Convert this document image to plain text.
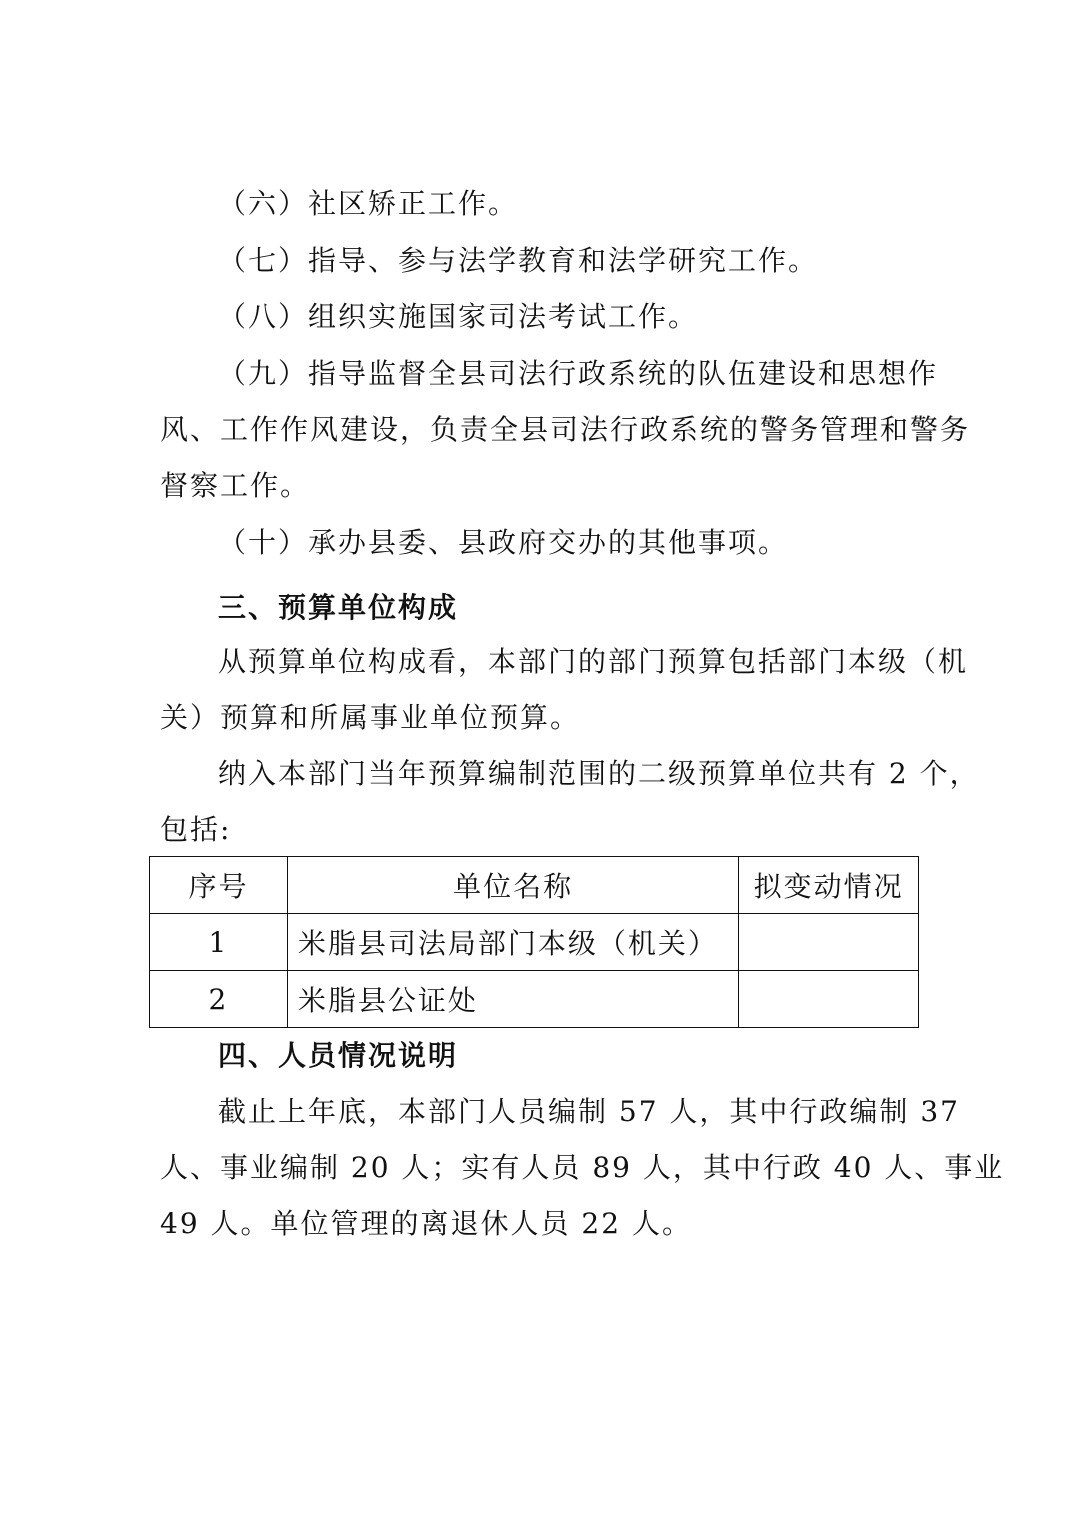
（六）社区矫正工作。
（七）指导、参与法学教育和法学研究工作。
（八）组织实施国家司法考试工作。
（九）指导监督全县司法行政系统的队伍建设和思想作
风、工作作风建设，负责全县司法行政系统的警务管理和警务
督察工作。
（十）承办县委、县政府交办的其他事项。
三、预算单位构成
从预算单位构成看，本部门的部门预算包括部门本级（机
关）预算和所属事业单位预算。
纳入本部门当年预算编制范围的二级预算单位共有 2 个，
包括:
序号	单位名称	拟变动情况
1	米脂县司法局部门本级（机关）	
2	米脂县公证处	
四、人员情况说明
截止上年底，本部门人员编制 57 人，其中行政编制 37
人、事业编制 20 人；实有人员 89 人，其中行政 40 人、事业
49 人。单位管理的离退休人员 22 人。
